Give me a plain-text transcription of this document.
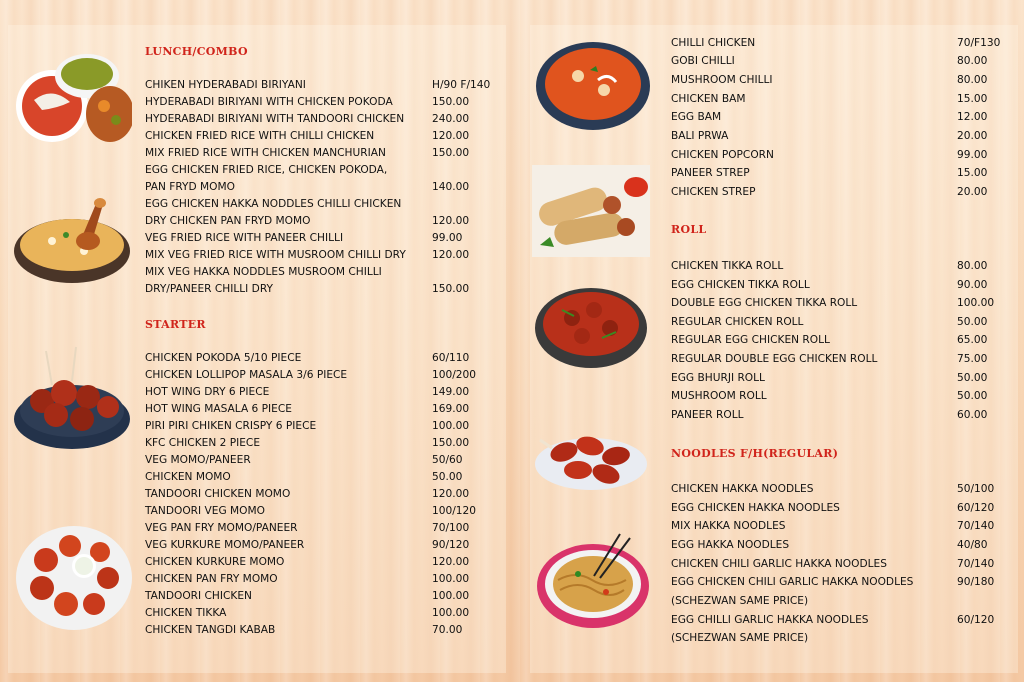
LUNCH/COMBO
STARTER
ROLL
NOODLES F/H(REGULAR)
CHIKEN HYDERABADI BIRIYANI	H/90 F/140
HYDERABADI BIRIYANI WITH CHICKEN POKODA	150.00
HYDERABADI BIRIYANI WITH TANDOORI CHICKEN	240.00
CHICKEN FRIED RICE WITH CHILLI CHICKEN	120.00
MIX FRIED RICE WITH CHICKEN MANCHURIAN	150.00
EGG CHICKEN FRIED RICE, CHICKEN POKODA,
PAN FRYD MOMO	140.00
EGG CHICKEN HAKKA NODDLES CHILLI CHICKEN
DRY CHICKEN PAN FRYD MOMO	120.00
VEG FRIED RICE WITH PANEER CHILLI	99.00
MIX VEG FRIED RICE WITH MUSROOM CHILLI DRY 120.00
MIX VEG HAKKA NODDLES MUSROOM CHILLI
DRY/PANEER CHILLI DRY	150.00
CHICKEN POKODA 5/10 PIECE	60/110
CHICKEN LOLLIPOP MASALA 3/6 PIECE	100/200
HOT WING DRY 6 PIECE	149.00
HOT WING MASALA 6 PIECE	169.00
PIRI PIRI CHIKEN CRISPY 6 PIECE	100.00
KFC CHICKEN 2 PIECE	150.00
VEG MOMO/PANEER	50/60
CHICKEN MOMO	50.00
TANDOORI CHICKEN MOMO	120.00
TANDOORI VEG MOMO	100/120
VEG PAN FRY MOMO/PANEER	70/100
VEG KURKURE MOMO/PANEER	90/120
CHICKEN KURKURE MOMO	120.00
CHICKEN PAN FRY MOMO	100.00
TANDOORI CHICKEN	100.00
CHICKEN TIKKA	100.00
CHICKEN TANGDI KABAB	70.00
CHILLI CHICKEN	70/F130
GOBI CHILLI	80.00
MUSHROOM CHILLI	80.00
CHICKEN BAM	15.00
EGG BAM	12.00
BALI PRWA	20.00
CHICKEN POPCORN	99.00
PANEER STREP	15.00
CHICKEN STREP	20.00
CHICKEN TIKKA ROLL	80.00
EGG CHICKEN TIKKA ROLL	90.00
DOUBLE EGG CHICKEN TIKKA ROLL	100.00
REGULAR CHICKEN ROLL	50.00
REGULAR EGG CHICKEN ROLL	65.00
REGULAR DOUBLE EGG CHICKEN ROLL	75.00
EGG BHURJI ROLL	50.00
MUSHROOM ROLL	50.00
PANEER ROLL	60.00
CHICKEN HAKKA NOODLES	50/100
EGG CHICKEN HAKKA NOODLES	60/120
MIX HAKKA NOODLES	70/140
EGG HAKKA NOODLES	40/80
CHICKEN CHILI GARLIC HAKKA NOODLES	70/140
EGG CHICKEN CHILI GARLIC HAKKA NOODLES	90/180
(SCHEZWAN SAME PRICE)
EGG CHILLI GARLIC HAKKA NOODLES	60/120
(SCHEZWAN SAME PRICE)
